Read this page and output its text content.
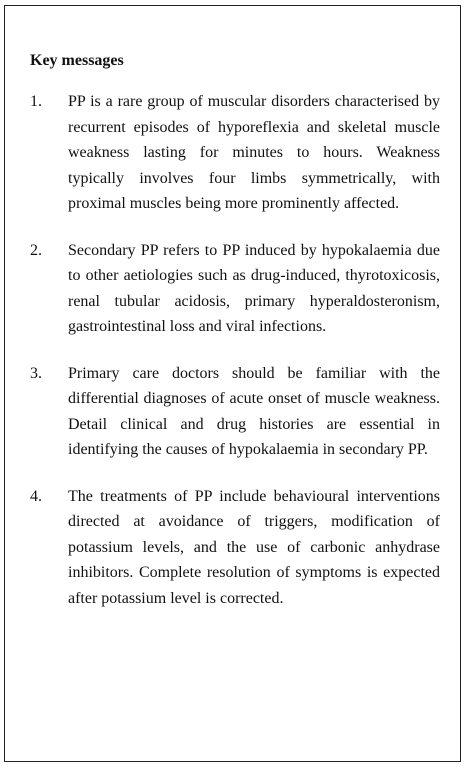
Key messages
1.	PP is a rare group of muscular disorders characterised by recurrent episodes of hyporeflexia and skeletal muscle weakness lasting for minutes to hours. Weakness typically involves four limbs symmetrically, with proximal muscles being more prominently affected.
2.	Secondary PP refers to PP induced by hypokalaemia due to other aetiologies such as drug-induced, thyrotoxicosis, renal tubular acidosis, primary hyperaldosteronism, gastrointestinal loss and viral infections.
3.	Primary care doctors should be familiar with the differential diagnoses of acute onset of muscle weakness. Detail clinical and drug histories are essential in identifying the causes of hypokalaemia in secondary PP.
4.	The treatments of PP include behavioural interventions directed at avoidance of triggers, modification of potassium levels, and the use of carbonic anhydrase inhibitors. Complete resolution of symptoms is expected after potassium level is corrected.
